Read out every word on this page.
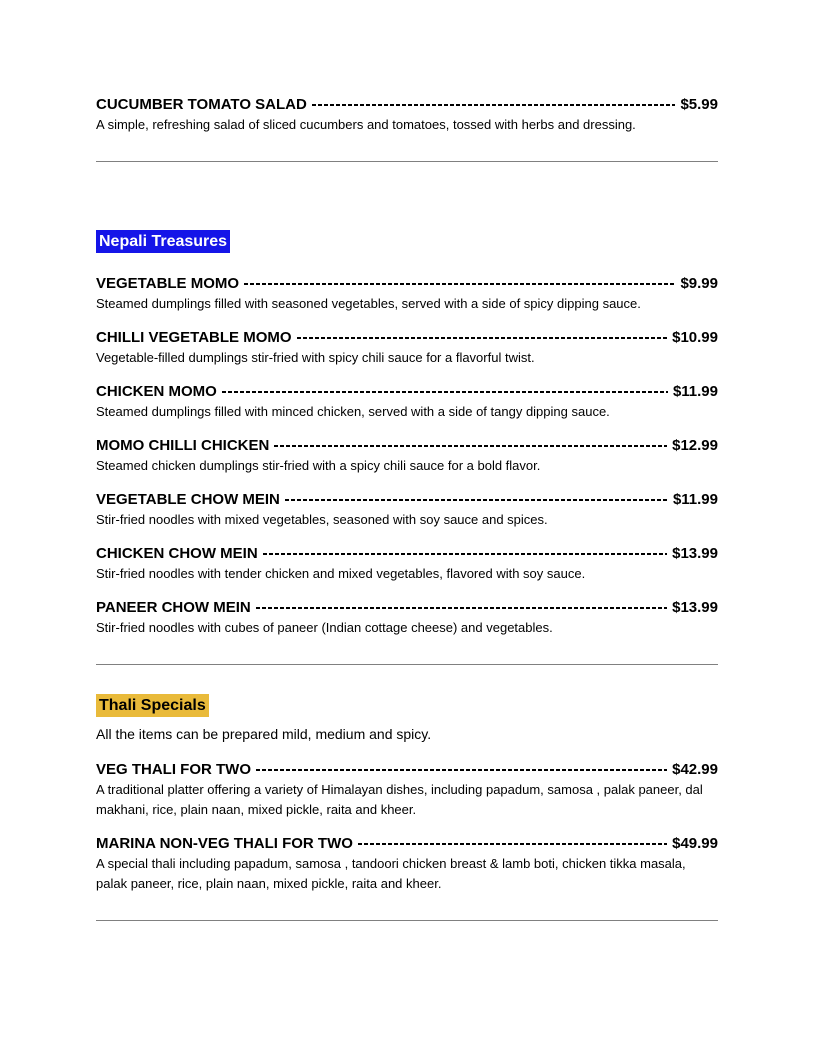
CUCUMBER TOMATO SALAD	$5.99

A simple, refreshing salad of sliced cucumbers and tomatoes, tossed with herbs and dressing.

Nepali Treasures
VEGETABLE MOMO	$9.99

Steamed dumplings filled with seasoned vegetables, served with a side of spicy dipping sauce.

CHILLI VEGETABLE MOMO	$10.99

Vegetable-filled dumplings stir-fried with spicy chili sauce for a flavorful twist.

CHICKEN MOMO	$11.99

Steamed dumplings filled with minced chicken, served with a side of tangy dipping sauce.

MOMO CHILLI CHICKEN	$12.99

Steamed chicken dumplings stir-fried with a spicy chili sauce for a bold flavor.

VEGETABLE CHOW MEIN	$11.99

Stir-fried noodles with mixed vegetables, seasoned with soy sauce and spices.

CHICKEN CHOW MEIN	$13.99

Stir-fried noodles with tender chicken and mixed vegetables, flavored with soy sauce.

PANEER CHOW MEIN	$13.99

Stir-fried noodles with cubes of paneer (Indian cottage cheese) and vegetables.

Thali Specials

All the items can be prepared mild, medium and spicy.

VEG THALI FOR TWO	$42.99

A traditional platter offering a variety of Himalayan dishes, including papadum, samosa , palak paneer, dal makhani, rice, plain naan, mixed pickle, raita and kheer.

MARINA NON-VEG THALI FOR TWO	$49.99

A special thali including papadum, samosa , tandoori chicken breast & lamb boti, chicken tikka masala, palak paneer, rice, plain naan, mixed pickle, raita and kheer.
